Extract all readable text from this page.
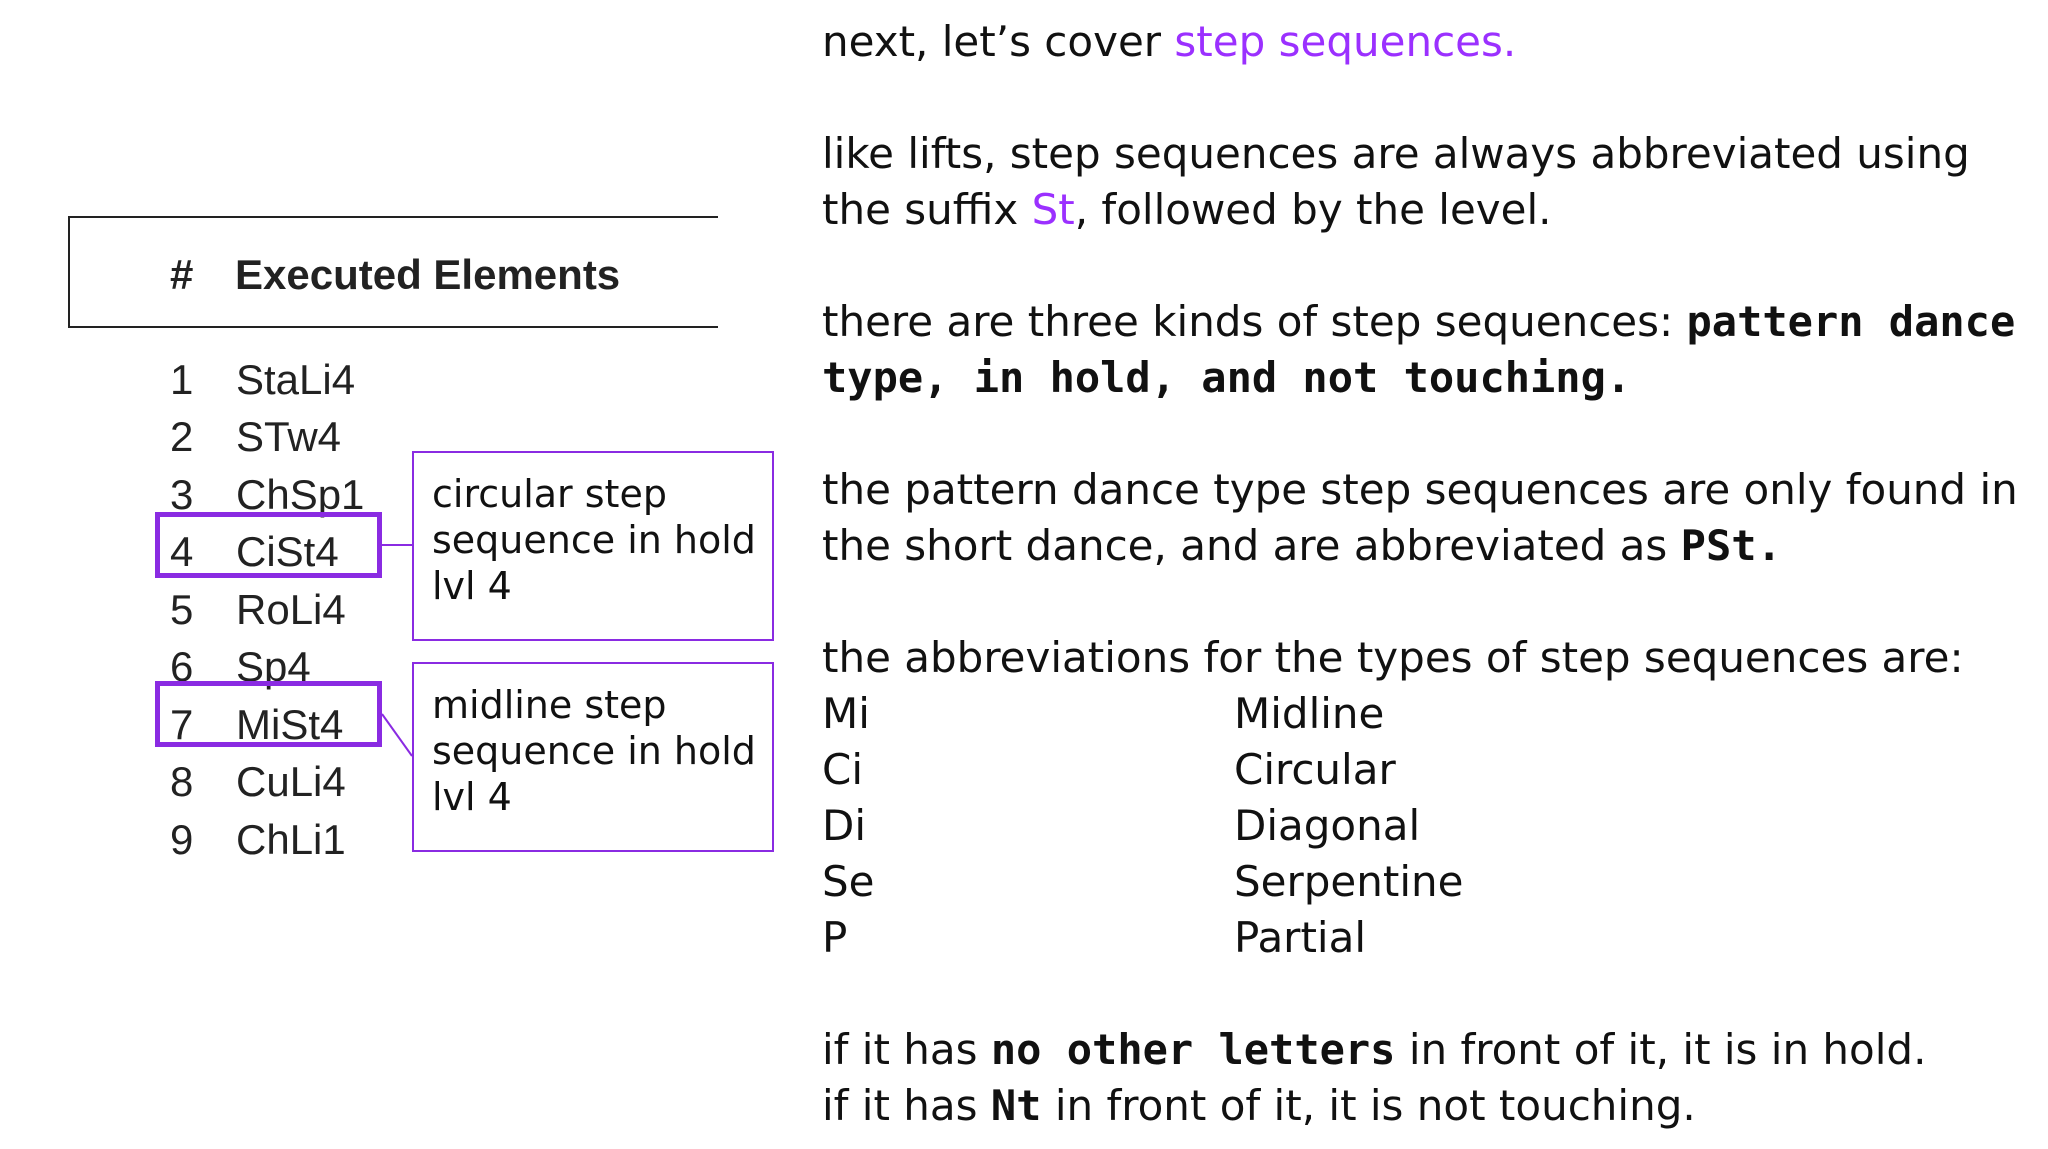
# Executed Elements
1	StaLi4
2	STw4
3	ChSp1
4	CiSt4
5	RoLi4
6	Sp4
7	MiSt4
8	CuLi4
9	ChLi1
circular step
sequence in hold
lvl 4
midline step
sequence in hold
lvl 4

next, let’s cover step sequences.

like lifts, step sequences are always abbreviated using

the suffix St, followed by the level.

there are three kinds of step sequences: pattern dance

type, in hold, and not touching.

the pattern dance type step sequences are only found in

the short dance, and are abbreviated as PSt.

the abbreviations for the types of step sequences are:

Mi	Midline
Ci	Circular
Di	Diagonal
Se	Serpentine
P	Partial

if it has no other letters in front of it, it is in hold.

if it has Nt in front of it, it is not touching.
